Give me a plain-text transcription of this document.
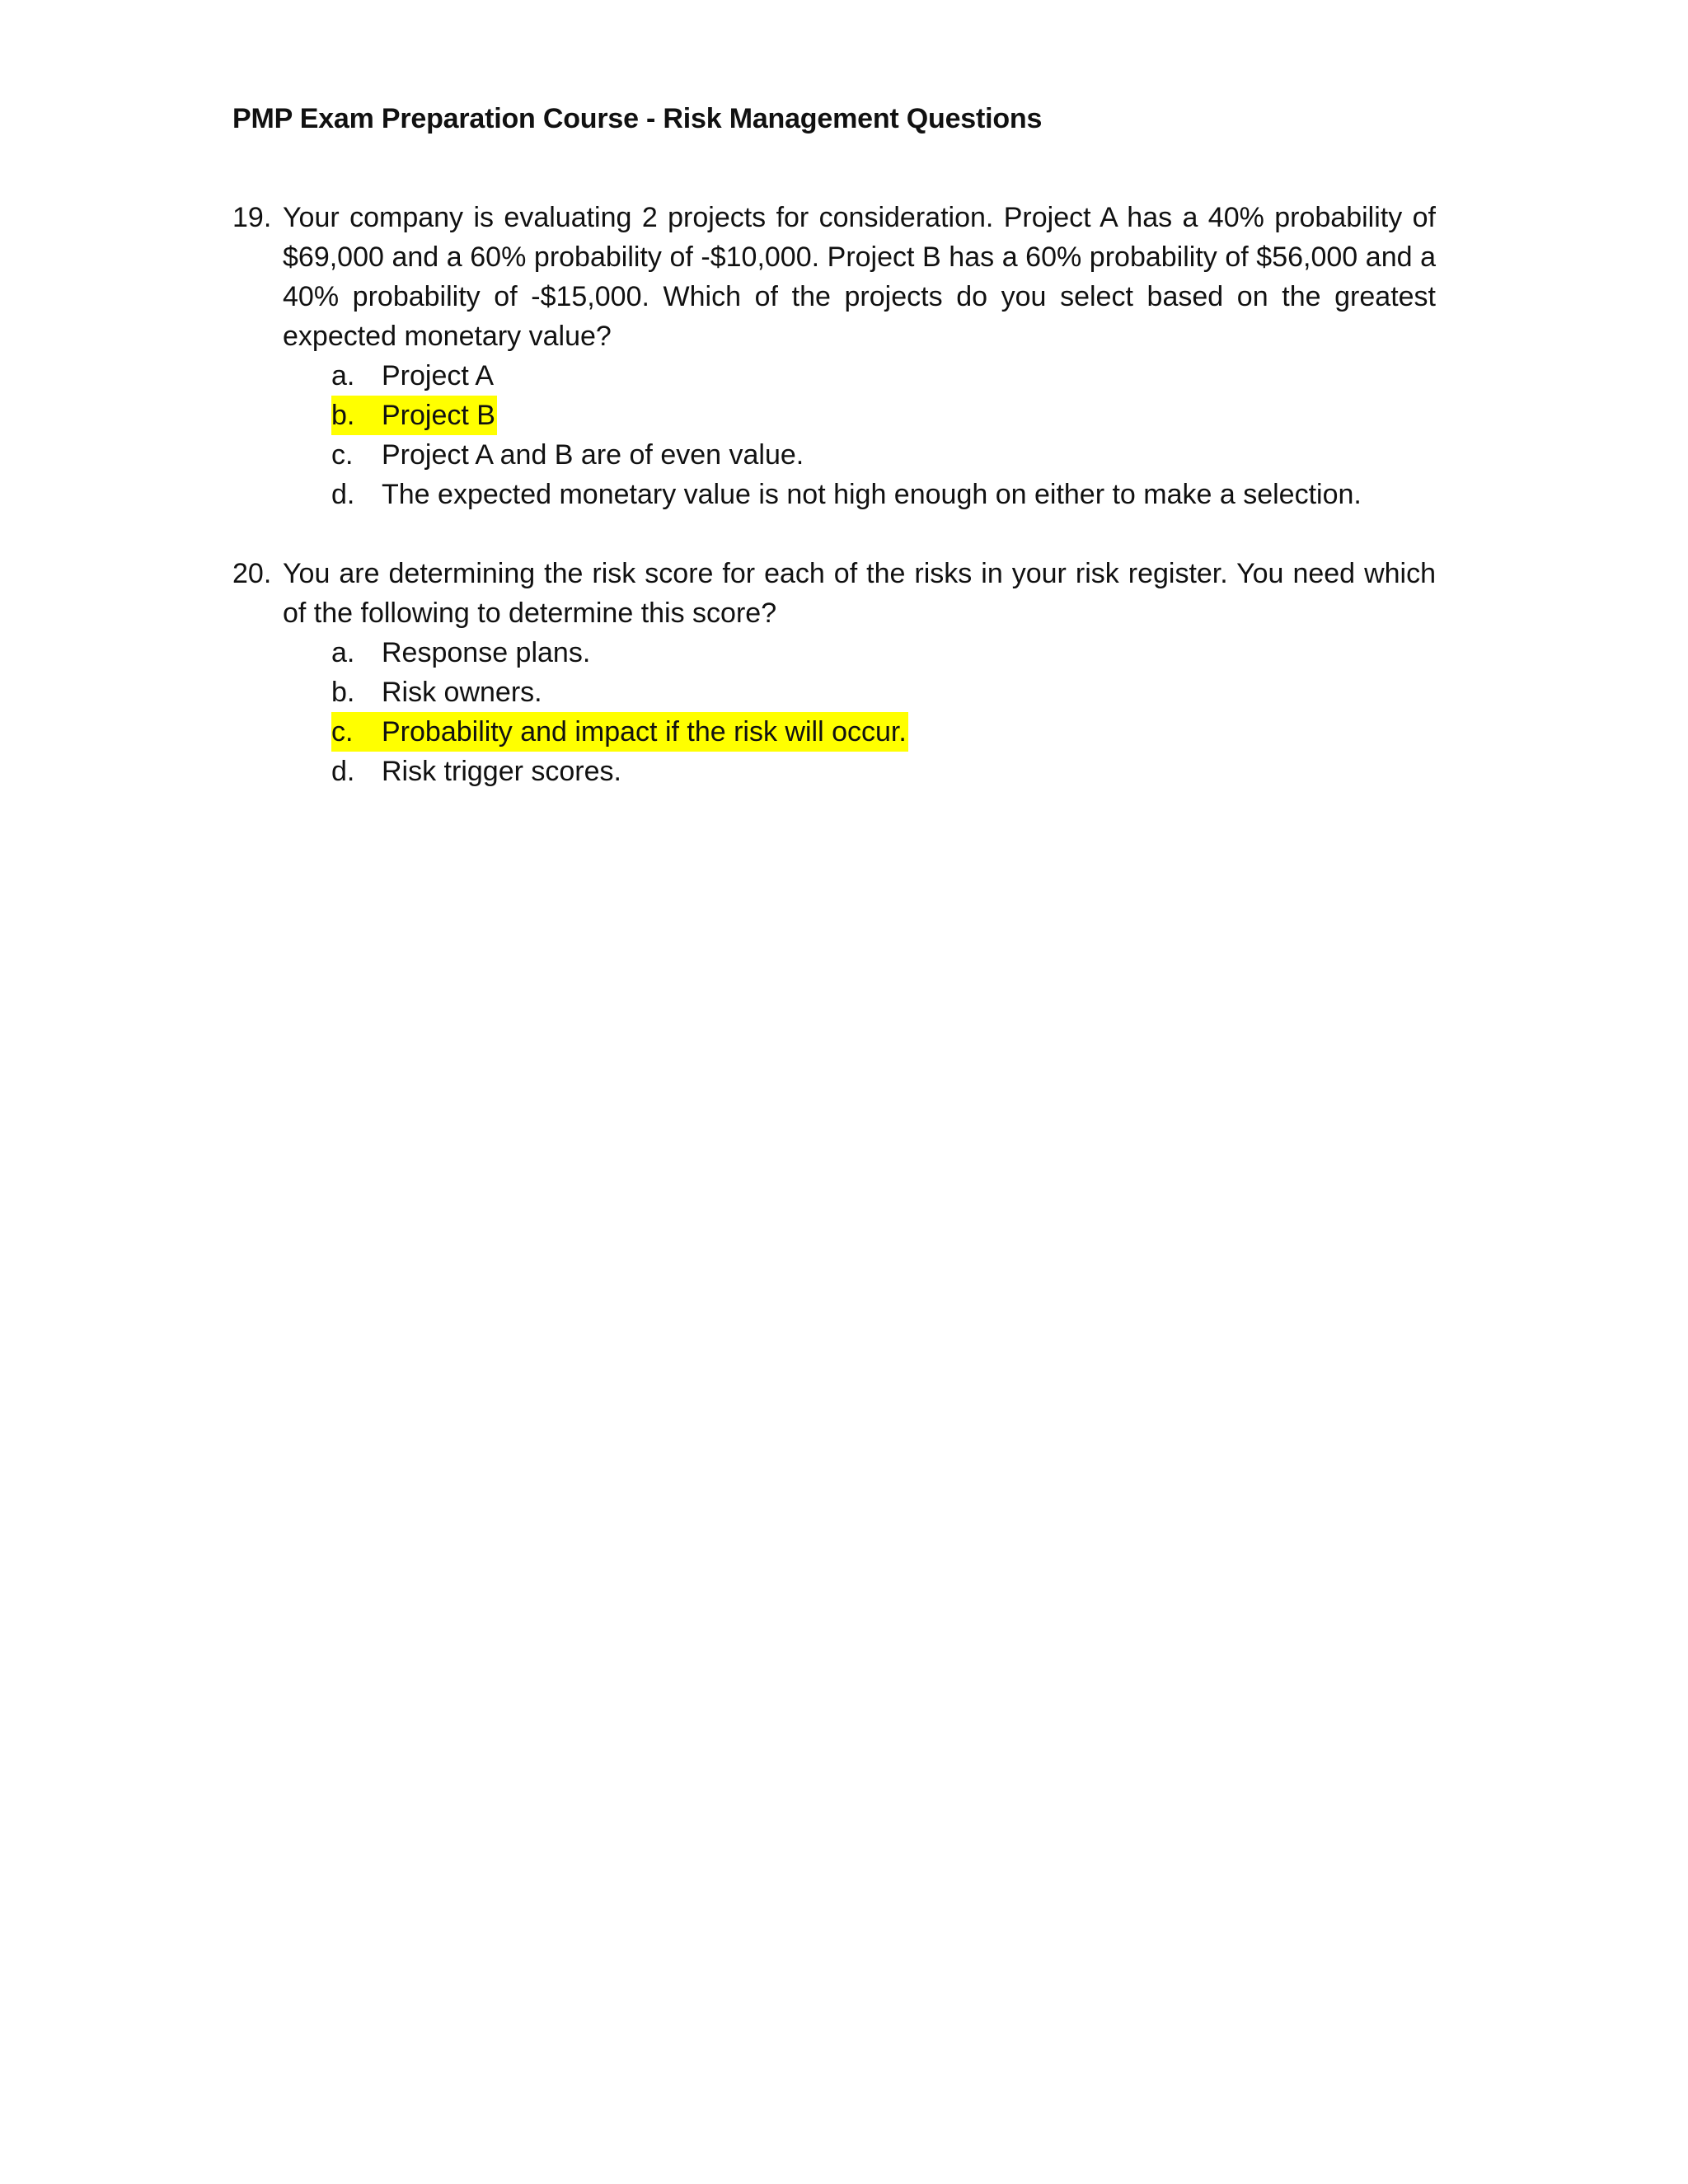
PMP Exam Preparation Course - Risk Management Questions
19. Your company is evaluating 2 projects for consideration. Project A has a 40% probability of $69,000 and a 60% probability of -$10,000. Project B has a 60% probability of $56,000 and a 40% probability of -$15,000. Which of the projects do you select based on the greatest expected monetary value?
a. Project A
b. Project B
c. Project A and B are of even value.
d. The expected monetary value is not high enough on either to make a selection.
20. You are determining the risk score for each of the risks in your risk register. You need which of the following to determine this score?
a. Response plans.
b. Risk owners.
c. Probability and impact if the risk will occur.
d. Risk trigger scores.
